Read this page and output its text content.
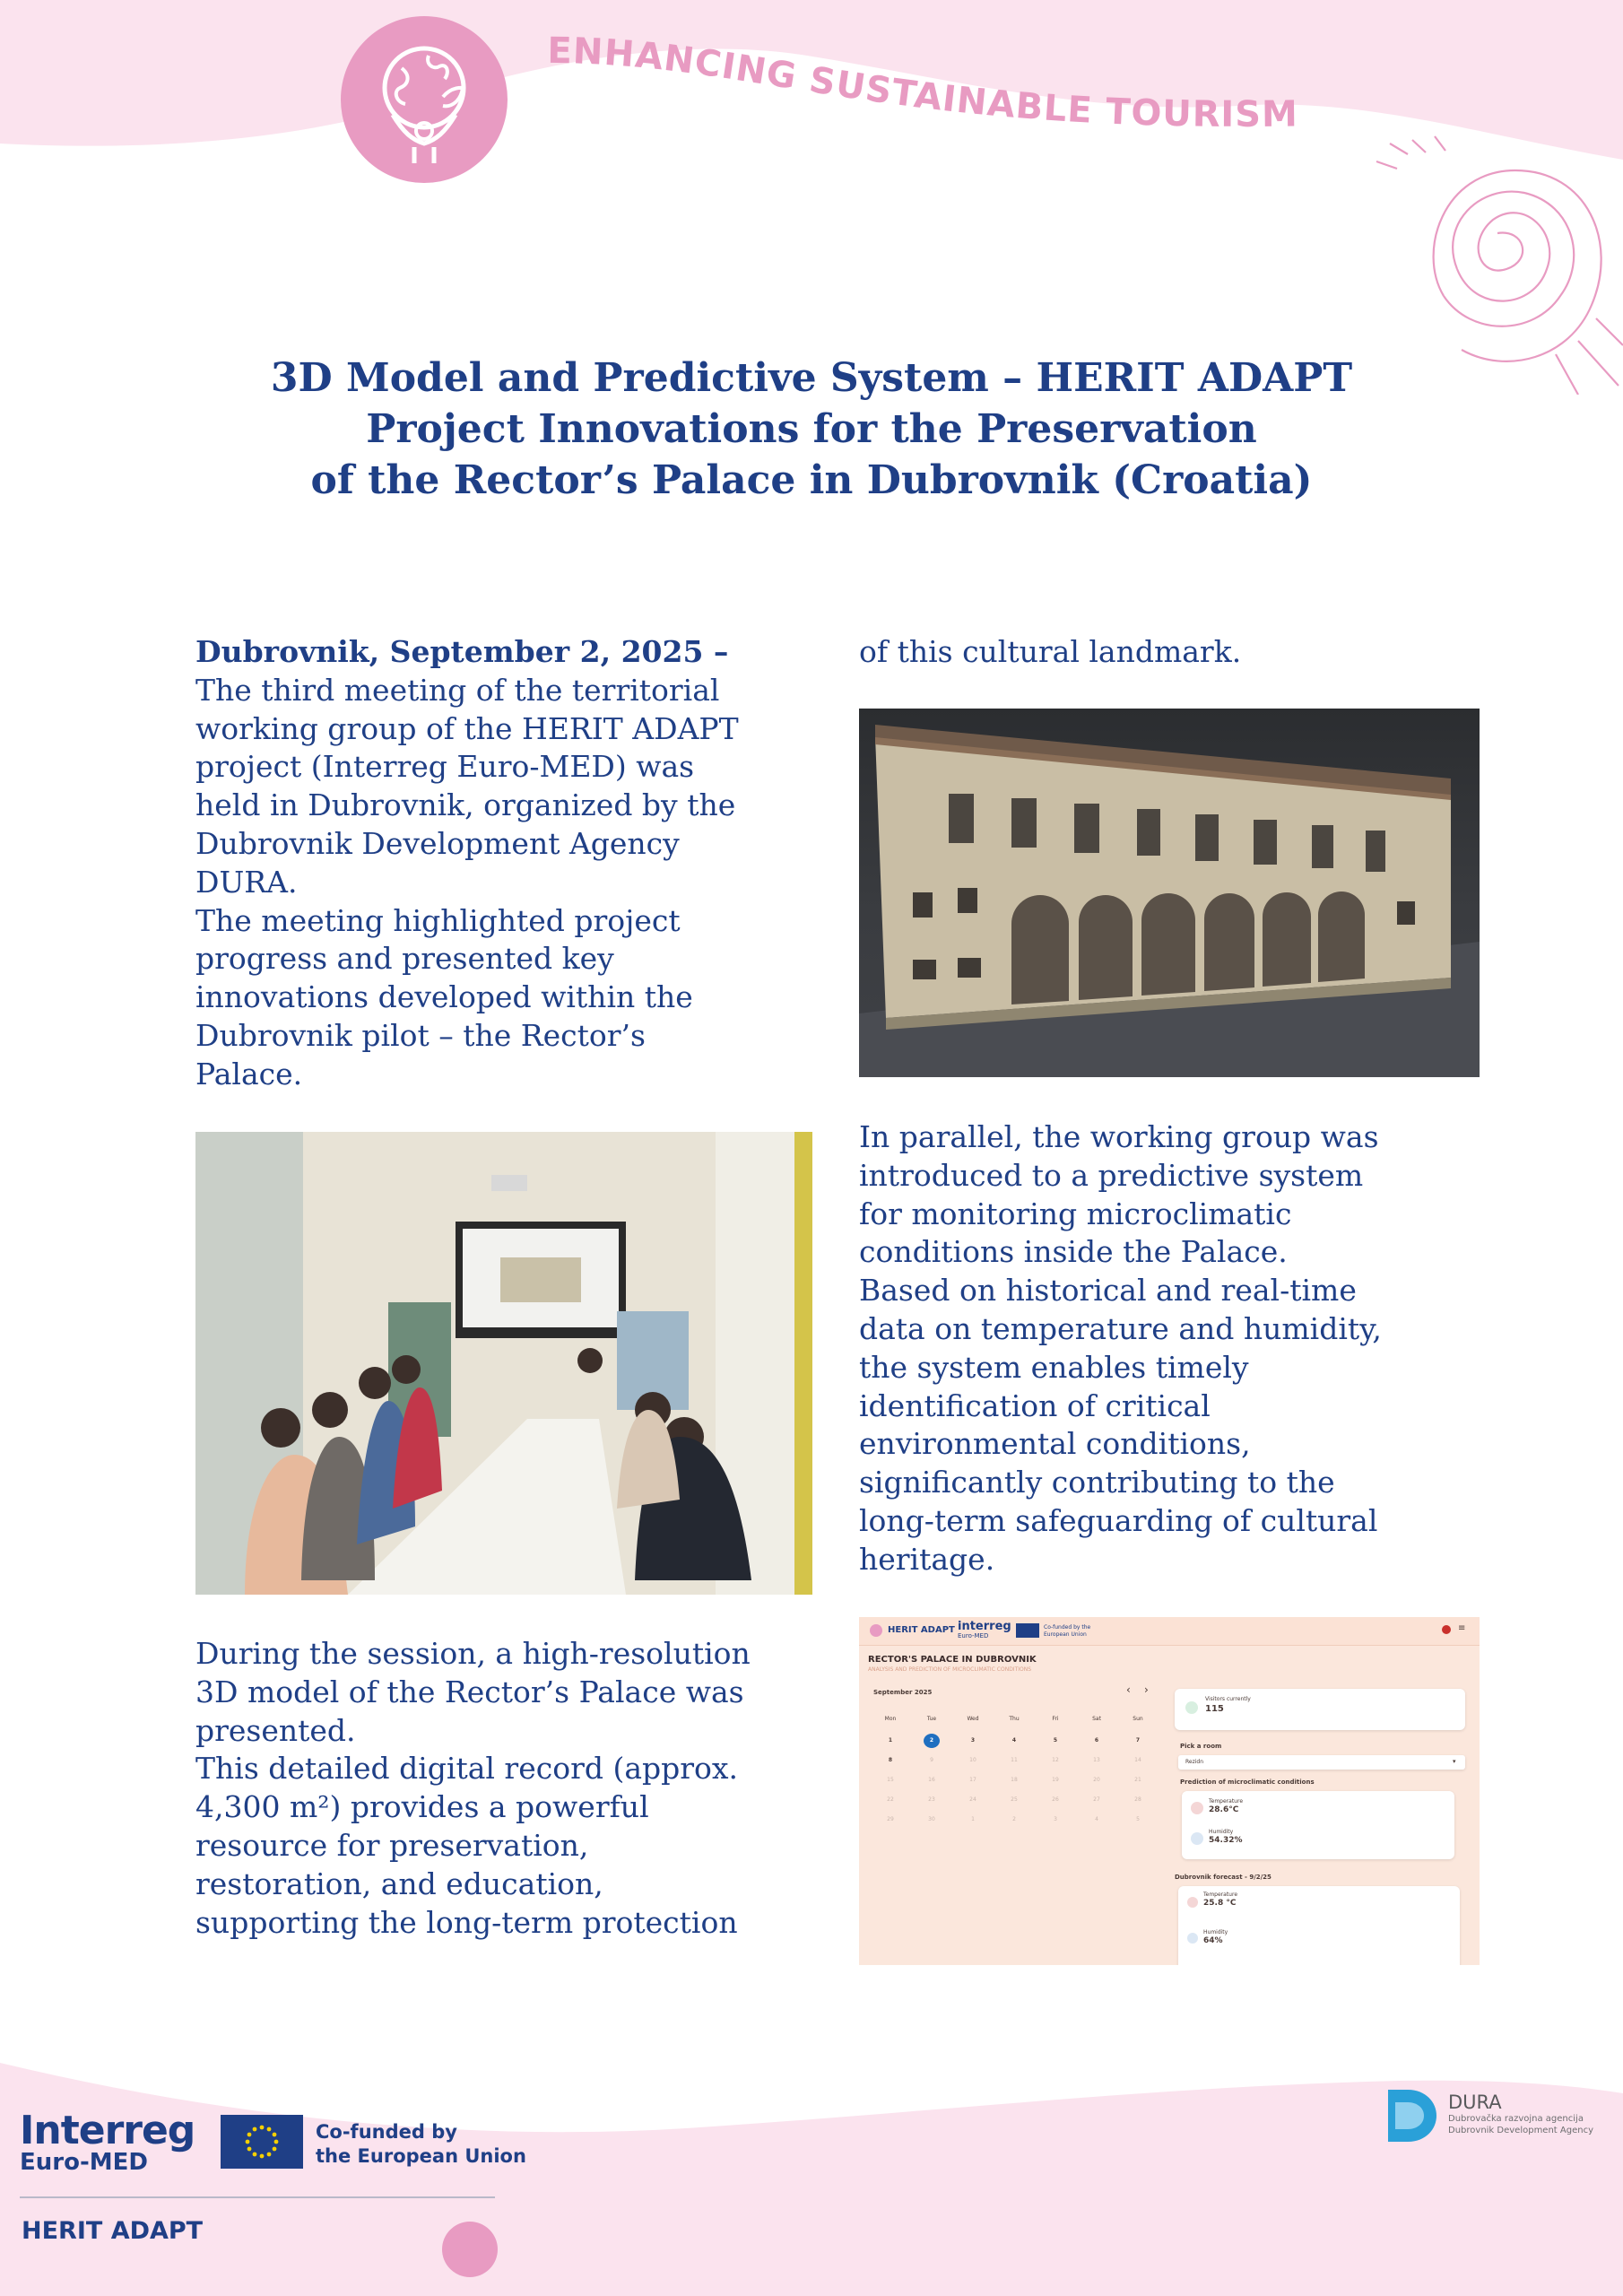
ENHANCING SUSTAINABLE TOURISM
3D Model and Predictive System – HERIT ADAPT
Project Innovations for the Preservation
of the Rector’s Palace in Dubrovnik (Croatia)
Dubrovnik, September 2, 2025 –
The third meeting of the territorial
working group of the HERIT ADAPT
project (Interreg Euro-MED) was
held in Dubrovnik, organized by the
Dubrovnik Development Agency
DURA.
The meeting highlighted project
progress and presented key
innovations developed within the
Dubrovnik pilot – the Rector’s
Palace.
of this cultural landmark.
In parallel, the working group was
introduced to a predictive system
for monitoring microclimatic
conditions inside the Palace.
Based on historical and real-time
data on temperature and humidity,
the system enables timely
identification of critical
environmental conditions,
significantly contributing to the
long-term safeguarding of cultural
heritage.
During the session, a high-resolution
3D model of the Rector’s Palace was
presented.
This detailed digital record (approx.
4,300 m²) provides a powerful
resource for preservation,
restoration, and education,
supporting the long-term protection
HERIT ADAPT interreg
Euro-MED
Co-funded by the European Union
≡
RECTOR'S PALACE IN DUBROVNIK
ANALYSIS AND PREDICTION OF MICROCLIMATIC CONDITIONS
September 2025	‹ ›
Visitors currently
115
Pick a room
Rezidn	▾
Prediction of microclimatic conditions
Temperature
28.6°C
Humidity
54.32%
Dubrovnik forecast - 9/2/25
Temperature
25.8 °C
Humidity
64%
Mon	Tue	Wed	Thu	Fri	Sat	Sun
1	2	3	4	5	6	7
8	9	10	11	12	13	14
15	16	17	18	19	20	21
22	23	24	25	26	27	28
29	30	1	2	3	4	5
Interreg
Euro-MED
Co-funded by
the European Union
HERIT ADAPT
DURA
Dubrovačka razvojna agencija
Dubrovnik Development Agency
